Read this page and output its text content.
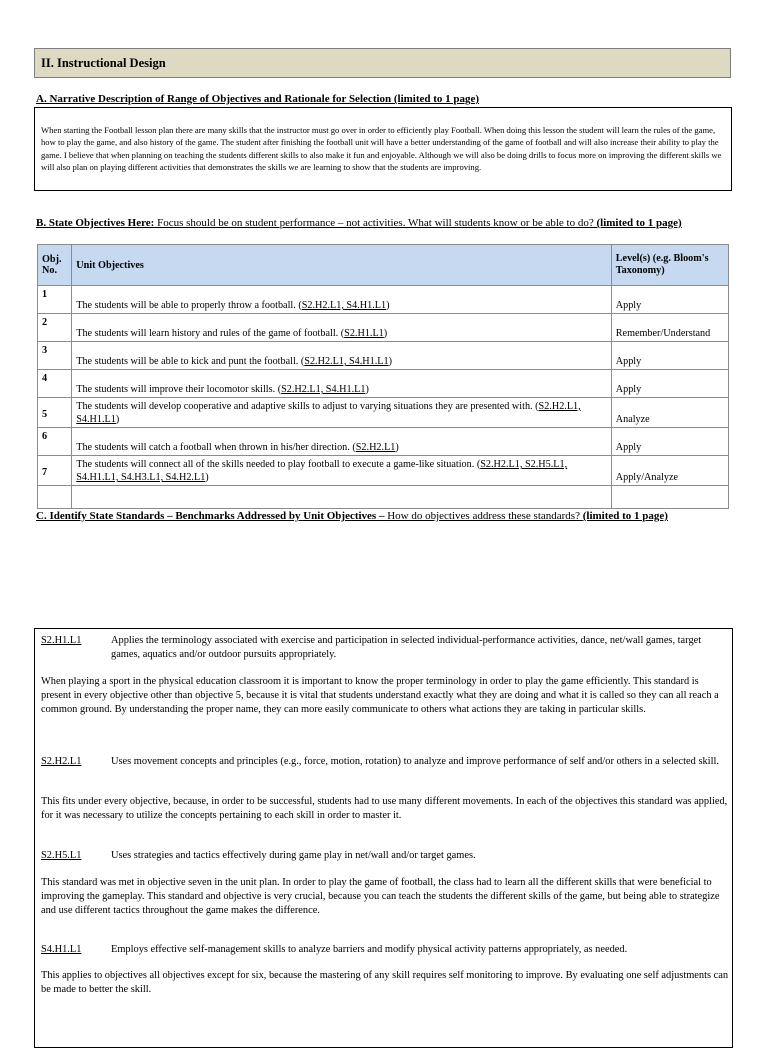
II. Instructional Design
A. Narrative Description of Range of Objectives and Rationale for Selection (limited to 1 page)
When starting the Football lesson plan there are many skills that the instructor must go over in order to efficiently play Football. When doing this lesson the student will learn the rules of the game, how to play the game, and also history of the game. The student after finishing the football unit will have a better understanding of the game of football and will also increase their ability to play the game. I believe that when planning on teaching the students different skills to also make it fun and enjoyable. Although we will also be doing drills to focus more on improving the different skills we will also plan on playing different activities that demonstrates the skills we are learning to show that the students are improving.
B. State Objectives Here: Focus should be on student performance – not activities. What will students know or be able to do? (limited to 1 page)
Obj. No.	Unit Objectives	Level(s) (e.g. Bloom's Taxonomy)
1	The students will be able to properly throw a football. (S2.H2.L1, S4.H1.L1)	Apply
2	The students will learn history and rules of the game of football. (S2.H1.L1)	Remember/Understand
3	The students will be able to kick and punt the football. (S2.H2.L1, S4.H1.L1)	Apply
4	The students will improve their locomotor skills. (S2.H2.L1, S4.H1.L1)	Apply
5	The students will develop cooperative and adaptive skills to adjust to varying situations they are presented with. (S2.H2.L1, S4.H1.L1)	Analyze
6	The students will catch a football when thrown in his/her direction. (S2.H2.L1)	Apply
7	The students will connect all of the skills needed to play football to execute a game-like situation. (S2.H2.L1, S2.H5.L1, S4.H1.L1, S4.H3.L1, S4.H2.L1)	Apply/Analyze

C. Identify State Standards – Benchmarks Addressed by Unit Objectives – How do objectives address these standards? (limited to 1 page)
S2.H1.L1	Applies the terminology associated with exercise and participation in selected individual-performance activities, dance, net/wall games, target games, aquatics and/or outdoor pursuits appropriately.
When playing a sport in the physical education classroom it is important to know the proper terminology in order to play the game efficiently. This standard is present in every objective other than objective 5, because it is vital that students understand exactly what they are doing and what it is called so they can all reach a common ground. By understanding the proper name, they can more easily communicate to others what actions they are taking in particular skills.
S2.H2.L1	Uses movement concepts and principles (e.g., force, motion, rotation) to analyze and improve performance of self and/or others in a selected skill.
This fits under every objective, because, in order to be successful, students had to use many different movements. In each of the objectives this standard was applied, for it was necessary to utilize the concepts pertaining to each skill in order to master it.
S2.H5.L1	Uses strategies and tactics effectively during game play in net/wall and/or target games.
This standard was met in objective seven in the unit plan. In order to play the game of football, the class had to learn all the different skills that were beneficial to improving the gameplay. This standard and objective is very crucial, because you can teach the students the different skills of the game, but being able to strategize and use different tactics throughout the game makes the difference.
S4.H1.L1	Employs effective self-management skills to analyze barriers and modify physical activity patterns appropriately, as needed.
This applies to objectives all objectives except for six, because the mastering of any skill requires self monitoring to improve. By evaluating one self adjustments can be made to better the skill.
